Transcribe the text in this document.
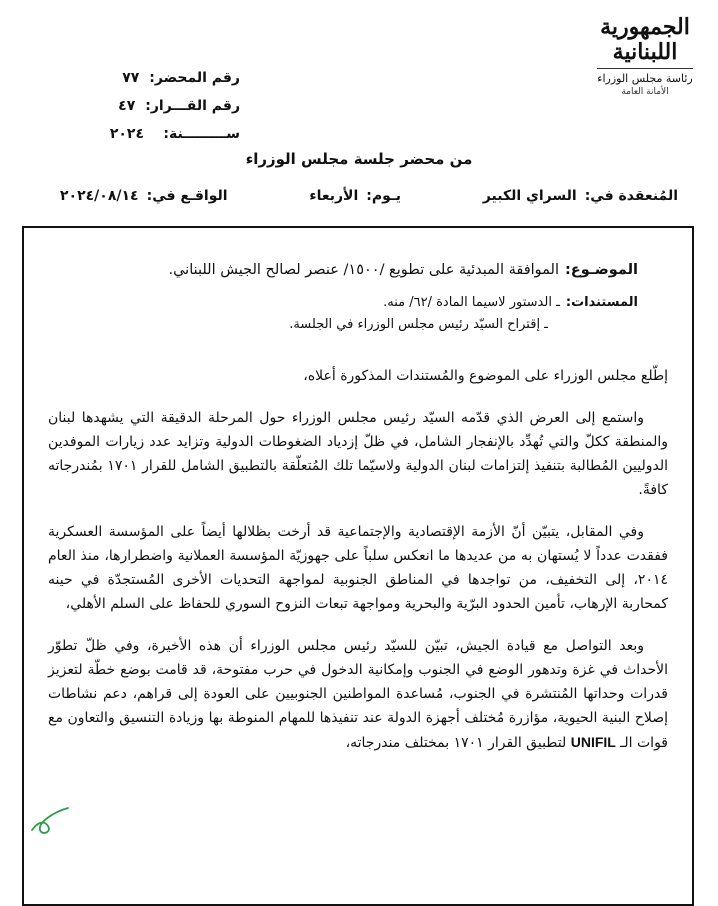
الجمهورية
اللبنانية
رئاسة مجلس الوزراء
الأمانة العامة
رقم المحضر:
٧٧
رقم القـــرار:
٤٧
ســـــــــنة:
٢٠٢٤
من محضر جلسة مجلس الوزراء
المُنعقدة في:
السراي الكبير
يـوم:
الأربعاء
الواقـع في:
٢٠٢٤/٠٨/١٤
الموضـوع:
الموافقة المبدئية على تطويع /١٥٠٠/ عنصر لصالح الجيش اللبناني.
المستندات:
ـ الدستور لاسيما المادة /٦٢/ منه.
ـ إقتراح السيّد رئيس مجلس الوزراء في الجلسة.

إطّلع مجلس الوزراء على الموضوع والمُستندات المذكورة أعلاه،

واستمع إلى العرض الذي قدّمه السيّد رئيس مجلس الوزراء حول المرحلة الدقيقة التي يشهدها لبنان والمنطقة ككلّ والتي تُهدِّد بالإنفجار الشامل، في ظلّ إزدياد الضغوطات الدولية وتزايد عدد زيارات الموفدين الدوليين المُطالبة بتنفيذ إلتزامات لبنان الدولية ولاسيّما تلك المُتعلّقة بالتطبيق الشامل للقرار ١٧٠١ بمُندرجاته كافةً.

وفي المقابل، يتبيّن أنّ الأزمة الإقتصادية والإجتماعية قد أرخت بظلالها أيضاً على المؤسسة العسكرية ففقدت عدداً لا يُستهان به من عديدها ما انعكس سلباً على جهوزيّة المؤسسة العملانية واضطرارها، منذ العام ٢٠١٤، إلى التخفيف، من تواجدها في المناطق الجنوبية لمواجهة التحديات الأخرى المُستجدّة في حينه كمحاربة الإرهاب، تأمين الحدود البرّية والبحرية ومواجهة تبعات النزوح السوري للحفاظ على السلم الأهلي،

وبعد التواصل مع قيادة الجيش، تبيّن للسيّد رئيس مجلس الوزراء أن هذه الأخيرة، وفي ظلّ تطوّر الأحداث في غزة وتدهور الوضع في الجنوب وإمكانية الدخول في حرب مفتوحة، قد قامت بوضع خطّة لتعزيز قدرات وحداتها المُنتشرة في الجنوب، مُساعدة المواطنين الجنوبيين على العودة إلى قراهم، دعم نشاطات إصلاح البنية الحيوية، مؤازرة مُختلف أجهزة الدولة عند تنفيذها للمهام المنوطة بها وزيادة التنسيق والتعاون مع قوات الـ UNIFIL لتطبيق القرار ١٧٠١ بمختلف مندرجاته،
